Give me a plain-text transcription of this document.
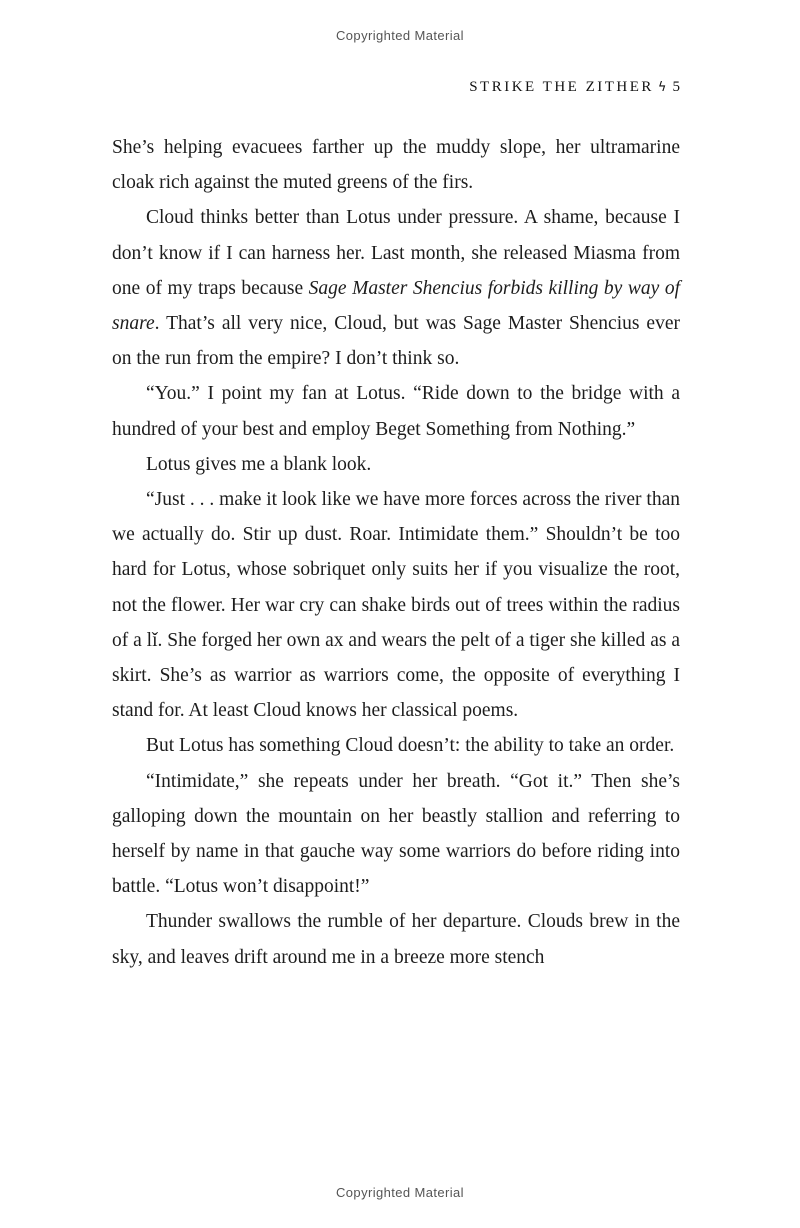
Copyrighted Material
STRIKE THE ZITHER ϟ 5

She’s helping evacuees farther up the muddy slope, her ultramarine cloak rich against the muted greens of the firs.

Cloud thinks better than Lotus under pressure. A shame, because I don’t know if I can harness her. Last month, she released Miasma from one of my traps because Sage Master Shencius forbids killing by way of snare. That’s all very nice, Cloud, but was Sage Master Shencius ever on the run from the empire? I don’t think so.

“You.” I point my fan at Lotus. “Ride down to the bridge with a hundred of your best and employ Beget Something from Nothing.”

Lotus gives me a blank look.

“Just . . . make it look like we have more forces across the river than we actually do. Stir up dust. Roar. Intimidate them.” Shouldn’t be too hard for Lotus, whose sobriquet only suits her if you visualize the root, not the flower. Her war cry can shake birds out of trees within the radius of a lǐ. She forged her own ax and wears the pelt of a tiger she killed as a skirt. She’s as warrior as warriors come, the opposite of everything I stand for. At least Cloud knows her classical poems.

But Lotus has something Cloud doesn’t: the ability to take an order.

“Intimidate,” she repeats under her breath. “Got it.” Then she’s galloping down the mountain on her beastly stallion and referring to herself by name in that gauche way some warriors do before riding into battle. “Lotus won’t disappoint!”

Thunder swallows the rumble of her departure. Clouds brew in the sky, and leaves drift around me in a breeze more stench

Copyrighted Material
